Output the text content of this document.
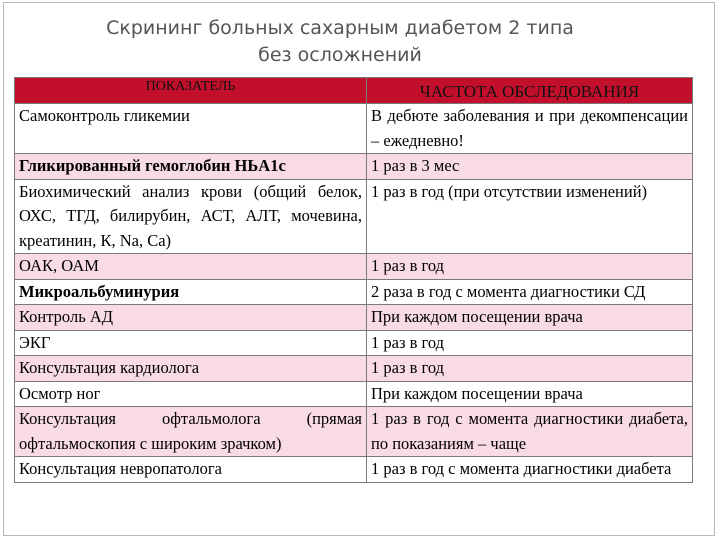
Скрининг больных сахарным диабетом 2 типа
без осложнений
ПОКАЗАТЕЛЬ	ЧАСТОТА ОБСЛЕДОВАНИЯ
Самоконтроль гликемии	В дебюте заболевания и при декомпенсации – ежедневно!
Гликированный гемоглобин HЬA1c	1 раз в 3 мес
Биохимический анализ крови (общий белок, ОХС, ТГД, билирубин, АСТ, АЛТ, мочевина, креатинин, К, Na, Ca)	1 раз в год (при отсутствии изменений)
ОАК, ОАМ	1 раз в год
Микроальбуминурия	2 раза в год с момента диагностики СД
Контроль АД	При каждом посещении врача
ЭКГ	1 раз в год
Консультация кардиолога	1 раз в год
Осмотр ног	При каждом посещении врача
Консультация офтальмолога (прямая офтальмоскопия с широким зрачком)	1 раз в год с момента диагностики диабета, по показаниям – чаще
Консультация невропатолога	1 раз в год с момента диагностики диабета
